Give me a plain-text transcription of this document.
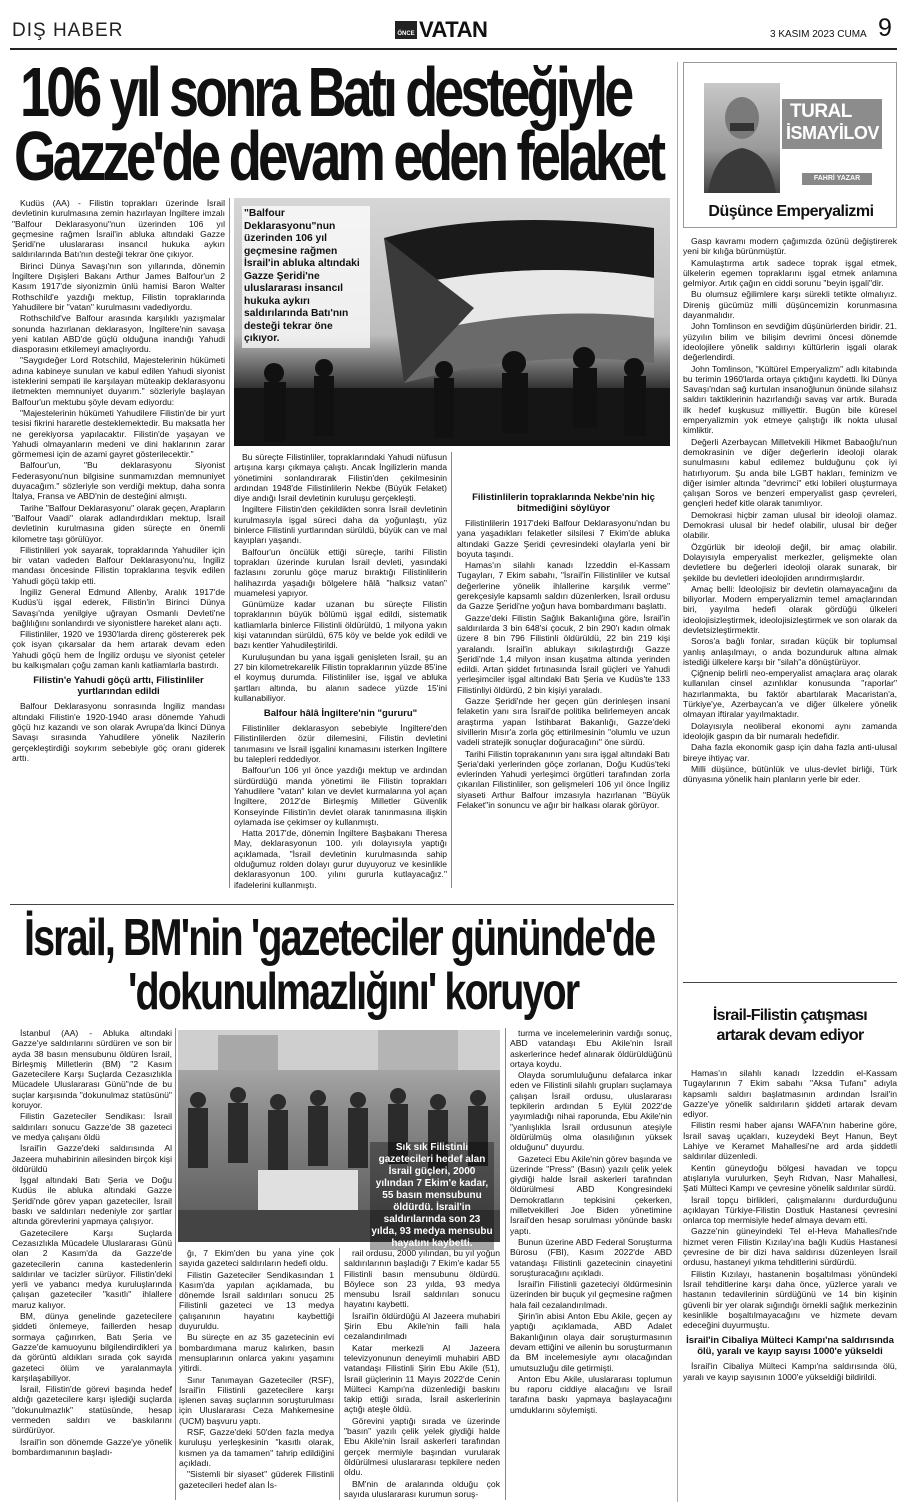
DIŞ HABER	ÖNCE VATAN	3 KASIM 2023 CUMA 9
106 yıl sonra Batı desteğiyle
Gazze'de devam eden felaket
"Balfour Deklarasyonu"nun üzerinden 106 yıl geçmesine rağmen İsrail'in abluka altındaki Gazze Şeridi'ne uluslararası insancıl hukuka aykırı saldırılarında Batı'nın desteği tekrar öne çıkıyor.

Kudüs (AA) - Filistin toprakları üzerinde İsrail devletinin kurulmasına zemin hazırlayan İngiltere imzalı "Balfour Deklarasyonu"nun üzerinden 106 yıl geçmesine rağmen İsrail'in abluka altındaki Gazze Şeridi'ne uluslararası insancıl hukuka aykırı saldırılarında Batı'nın desteği tekrar öne çıkıyor.

Birinci Dünya Savaşı'nın son yıllarında, dönemin İngiltere Dışişleri Bakanı Arthur James Balfour'un 2 Kasım 1917'de siyonizmin ünlü hamisi Baron Walter Rothschild'e yazdığı mektup, Filistin topraklarında Yahudilere bir "vatan" kurulmasını vadediyordu.

Rothschild've Balfour arasında karşılıklı yazışmalar sonunda hazırlanan deklarasyon, İngiltere'nin savaşa yeni katılan ABD'de güçlü olduğuna inandığı Yahudi diasporasını etkilemeyi amaçlıyordu.

"Saygıdeğer Lord Rotschild, Majestelerinin hükümeti adına kabineye sunulan ve kabul edilen Yahudi siyonist isteklerini sempati ile karşılayan müteakip deklarasyonu iletmekten memnuniyet duyarım." sözleriyle başlayan Balfour'un mektubu şöyle devam ediyordu:

"Majestelerinin hükümeti Yahudilere Filistin'de bir yurt tesisi fikrini hararetle desteklemektedir. Bu maksatla her ne gerekiyorsa yapılacaktır. Filistin'de yaşayan ve Yahudi olmayanların medeni ve dini haklarının zarar görmemesi için de azami gayret gösterilecektir."

Balfour'un, "Bu deklarasyonu Siyonist Federasyonu'nun bilgisine sunmamızdan memnuniyet duyacağım." sözleriyle son verdiği mektup, daha sonra İtalya, Fransa ve ABD'nin de desteğini almıştı.

Tarihe "Balfour Deklarasyonu" olarak geçen, Arapların "Balfour Vaadi" olarak adlandırdıkları mektup, İsrail devletinin kurulmasına giden süreçte en önemli kilometre taşı görülüyor.

Filistinlileri yok sayarak, topraklarında Yahudiler için bir vatan vadeden Balfour Deklarasyonu'nu, İngiliz mandası öncesinde Filistin topraklarına teşvik edilen Yahudi göçü takip etti.

İngiliz General Edmund Allenby, Aralık 1917'de Kudüs'ü işgal ederek, Filistin'in Birinci Dünya Savaşı'nda yenilgiye uğrayan Osmanlı Devleti'ne bağlılığını sonlandırdı ve siyonistlere hareket alanı açtı.

Filistinliler, 1920 ve 1930'larda direnç göstererek pek çok isyan çıkarsalar da hem artarak devam eden Yahudi göçü hem de İngiliz orduşu ve siyonist çeteler bu kalkışmaları çoğu zaman kanlı katliamlarla bastırdı.

Filistin'e Yahudi göçü arttı, Filistinliler yurtlarından edildi

Balfour Deklarasyonu sonrasında İngiliz mandası altındaki Filistin'e 1920-1940 arası dönemde Yahudi göçü hız kazandı ve son olarak Avrupa'da İkinci Dünya Savaşı sırasında Yahudilere yönelik Nazilerin gerçekleştirdiği soykırım sebebiyle göç oranı giderek arttı.

Bu süreçte Filistinliler, topraklarındaki Yahudi nüfusun artışına karşı çıkmaya çalıştı. Ancak İngilizlerin manda yönetimini sonlandırarak Filistin'den çekilmesinin ardından 1948'de Filistinlilerin Nekbe (Büyük Felaket) diye andığı İsrail devletinin kuruluşu gerçekleşti.

İngiltere Filistin'den çekildikten sonra İsrail devletinin kurulmasıyla işgal süreci daha da yoğunlaştı, yüz binlerce Filistinli yurtlarından sürüldü, büyük can ve mal kayıpları yaşandı.

Balfour'un öncülük ettiği süreçle, tarihi Filistin toprakları üzerinde kurulan İsrail devleti, yasındaki fazlasını zorunlu göçe maruz bıraktığı Filistinlilerin halihazırda yaşadığı bölgelere hâlâ "halksız vatan" muamelesi yapıyor.

Günümüze kadar uzanan bu süreçte Filistin topraklarının büyük bölümü işgal edildi, sistematik katliamlarla binlerce Filistinli öldürüldü, 1 milyona yakın kişi vatanından sürüldü, 675 köy ve belde yok edildi ve bazı kentler Yahudileştirildi.

Kuruluşundan bu yana işgali genişleten İsrail, şu an 27 bin kilometrekarelik Filistin topraklarının yüzde 85'ine el koymuş durumda. Filistinliler ise, işgal ve abluka şartları altında, bu alanın sadece yüzde 15'ini kullanabiliyor.

Balfour hâlâ İngiltere'nin "gururu"

Filistinliler deklarasyon sebebiyle İngiltere'den Filistinlilerden özür dilemesini, Filistin devletini tanımasını ve İsrail işgalini kınamasını isterken İngiltere bu talepleri reddediyor.

Balfour'un 106 yıl önce yazdığı mektup ve ardından sürdürdüğü manda yönetimi ile Filistin toprakları Yahudilere "vatan" kılan ve devlet kurmalarına yol açan İngiltere, 2012'de Birleşmiş Milletler Güvenlik Konseyinde Filistin'in devlet olarak tanınmasına ilişkin oylamada ise çekimser oy kullanmıştı.

Hatta 2017'de, dönemin İngiltere Başbakanı Theresa May, deklarasyonun 100. yılı dolayısıyla yaptığı açıklamada, "İsrail devletinin kurulmasında sahip olduğumuz rolden dolayı gurur duyuyoruz ve kesinlikle deklarasyonun 100. yılını gururla kutlayacağız." ifadelerini kullanmıştı.

Filistinlilerin topraklarında Nekbe'nin hiç bitmediğini söylüyor

Filistinlilerin 1917'deki Balfour Deklarasyonu'ndan bu yana yaşadıkları felaketler silsilesi 7 Ekim'de abluka altındaki Gazze Şeridi çevresindeki olaylarla yeni bir boyuta taşındı.

Hamas'ın silahlı kanadı İzzeddin el-Kassam Tugayları, 7 Ekim sabahı, "İsrail'in Filistinliler ve kutsal değerlerine yönelik ihlallerine karşılık verme" gerekçesiyle kapsamlı saldırı düzenlerken, İsrail ordusu da Gazze Şeridi'ne yoğun hava bombardımanı başlattı.

Gazze'deki Filistin Sağlık Bakanlığına göre, İsrail'in saldırılarda 3 bin 648'si çocuk, 2 bin 290'ı kadın olmak üzere 8 bin 796 Filistinli öldürüldü, 22 bin 219 kişi yaralandı. İsrail'in ablukayı sıkılaştırdığı Gazze Şeridi'nde 1,4 milyon insan kuşatma altında yerinden edildi. Artan şiddet fırtınasında İsrail güçleri ve Yahudi yerleşimciler işgal altındaki Batı Şeria ve Kudüs'te 133 Filistinliyi öldürdü, 2 bin kişiyi yaraladı.

Gazze Şeridi'nde her geçen gün derinleşen insani felaketin yanı sıra İsrail'de politika belirlemeyen ancak araştırma yapan İstihbarat Bakanlığı, Gazze'deki sivillerin Mısır'a zorla göç ettirilmesinin "olumlu ve uzun vadeli stratejik sonuçlar doğuracağını" öne sürdü.

Tarihi Filistin toprakanının yanı sıra işgal altındaki Batı Şeria'daki yerlerinden göçe zorlanan, Doğu Kudüs'teki evlerinden Yahudi yerleşimci örgütleri tarafından zorla çıkarılan Filistinliler, son gelişmeleri 106 yıl önce İngiliz siyaseti Arthur Balfour imzasıyla hazırlanan "Büyük Felaket"in sonuncu ve ağır bir halkası olarak görüyor.

TURAL
İSMAYİLOV
FAHRİ YAZAR
Düşünce Emperyalizmi

Gasp kavramı modern çağımızda özünü değiştirerek yeni bir kılığa bürünmüştür.

Kamulaştırma artık sadece toprak işgal etmek, ülkelerin egemen topraklarını işgal etmek anlamına gelmiyor. Artık çağın en ciddi sorunu "beyin işgali"dir.

Bu olumsuz eğilimlere karşı sürekli tetikte olmalıyız. Direniş gücümüz milli düşüncemizin korunmasına dayanmalıdır.

John Tomlinson en sevdiğim düşünürlerden biridir. 21. yüzyılın bilim ve bilişim devrimi öncesi dönemde ideolojilere yönelik saldırıyı kültürlerin işgali olarak değerlendirdi.

John Tomlinson, "Kültürel Emperyalizm" adlı kitabında bu terimin 1960'larda ortaya çıktığını kaydetti. İki Dünya Savaşı'ndan sağ kurtulan insanoğlunun önünde silahsız saldırı taktiklerinin hazırlandığı savaş var artık. Burada ilk hedef kuşkusuz milliyettir. Bugün bile küresel emperyalizmin yok etmeye çalıştığı ilk nokta ulusal kimliktir.

Değerli Azerbaycan Milletvekili Hikmet Babaoğlu'nun demokrasinin ve diğer değerlerin ideoloji olarak sunulmasını kabul edilemez bulduğunu çok iyi hatırlıyorum. Şu anda bile LGBT hakları, feminizm ve diğer isimler altında "devrimci" etki lobileri oluşturmaya çalışan Soros ve benzeri emperyalist gasp çevreleri, gençleri hedef kitle olarak tanımlıyor.

Demokrasi hiçbir zaman ulusal bir ideoloji olamaz. Demokrasi ulusal bir hedef olabilir, ulusal bir değer olabilir.

Özgürlük bir ideoloji değil, bir amaç olabilir. Dolayısıyla emperyalist merkezler, gelişmekte olan devletlere bu değerleri ideoloji olarak sunarak, bir şekilde bu devletleri ideolojiden arındırmışlardır.

Amaç belli: İdeolojisiz bir devletin olamayacağını da biliyorlar. Modern emperyalizmin temel amaçlarından biri, yayılma hedefi olarak gördüğü ülkeleri ideolojisizleştirmek, ideolojisizleştirmek ve son olarak da devletsizleştirmektir.

Soros'a bağlı fonlar, sıradan küçük bir toplumsal yanlış anlaşılmayı, o anda bozunduruk altına almak istediği ülkelere karşı bir "silah"a dönüştürüyor.

Çiğnenip belirli neo-emperyalist amaçlara araç olarak kullanılan cinsel azınlıklar konusunda "raporlar" hazırlanmakta, bu faktör abartılarak Macaristan'a, Türkiye'ye, Azerbaycan'a ve diğer ülkelere yönelik olmayan iftiralar yayılmaktadır.

Dolayısıyla neoliberal ekonomi aynı zamanda ideolojik gaspın da bir numaralı hedefidir.

Daha fazla ekonomik gasp için daha fazla anti-ulusal bireye ihtiyaç var.

Milli düşünce, bütünlük ve ulus-devlet birliği, Türk dünyasına yönelik hain planların yerle bir eder.

İsrail, BM'nin 'gazeteciler gününde'de
'dokunulmazlığını' koruyor
Sık sık Filistinli gazetecileri hedef alan İsrail güçleri, 2000 yılından 7 Ekim'e kadar, 55 basın mensubunu öldürdü. İsrail'in saldırılarında son 23 yılda, 93 medya mensubu hayatını kaybetti.

İstanbul (AA) - Abluka altındaki Gazze'ye saldırılarını sürdüren ve son bir ayda 38 basın mensubunu öldüren İsrail, Birleşmiş Milletlerin (BM) "2 Kasım Gazetecilere Karşı Suçlarda Cezasızlıkla Mücadele Uluslararası Günü"nde de bu suçlar karşısında "dokunulmaz statüsünü" koruyor.

Filistin Gazeteciler Sendikası: İsrail saldırıları sonucu Gazze'de 38 gazeteci ve medya çalışanı öldü

İsrail'in Gazze'deki saldırısında Al Jazeera muhabirinin ailesinden birçok kişi öldürüldü

İşgal altındaki Batı Şeria ve Doğu Kudüs ile abluka altındaki Gazze Şeridi'nde görev yapan gazeteciler, İsrail baskı ve saldırıları nedeniyle zor şartlar altında görevlerini yapmaya çalışıyor.

Gazetecilere Karşı Suçlarda Cezasızlıkla Mücadele Uluslararası Günü olan 2 Kasım'da da Gazze'de gazetecilerin canına kastedenlerin saldırılar ve tacizler sürüyor. Filistin'deki yerli ve yabancı medya kuruluşlarında çalışan gazeteciler "kasıtlı" ihlallere maruz kalıyor.

BM, dünya genelinde gazetecilere şiddeti önlemeye, faillerden hesap sormaya çağırırken, Batı Şeria ve Gazze'de kamuoyunu bilgilendirdikleri ya da görüntü aldıkları sırada çok sayıda gazeteci ölüm ve yaralanmayla karşılaşabiliyor.

İsrail, Filistin'de görevi başında hedef aldığı gazetecilere karşı işlediği suçlarda "dokunulmazlık" statüsünde, hesap vermeden saldırı ve baskılarını sürdürüyor.

İsrail'in son dönemde Gazze'ye yönelik bombardımanının başladı-

ğı, 7 Ekim'den bu yana yine çok sayıda gazeteci saldırıların hedefi oldu.

Filistin Gazeteciler Sendikasından 1 Kasım'da yapılan açıklamada, bu dönemde İsrail saldırıları sonucu 25 Filistinli gazeteci ve 13 medya çalışanının hayatını kaybettiği duyuruldu.

Bu süreçte en az 35 gazetecinin evi bombardımana maruz kalırken, basın mensuplarının onlarca yakını yaşamını yitirdi.

Sınır Tanımayan Gazeteciler (RSF), İsrail'in Filistinli gazetecilere karşı işlenen savaş suçlarının soruşturulması için Uluslararası Ceza Mahkemesine (UCM) başvuru yaptı.

RSF, Gazze'deki 50'den fazla medya kuruluşu yerleşkesinin "kasıtlı olarak, kısmen ya da tamamen" tahrip edildiğini açıkladı.

"Sistemli bir siyaset" güderek Filistinli gazetecileri hedef alan İs-

rail ordusu, 2000 yılından, bu yıl yoğun saldırılarının başladığı 7 Ekim'e kadar 55 Filistinli basın mensubunu öldürdü. Böylece son 23 yılda, 93 medya mensubu İsrail saldırıları sonucu hayatını kaybetti.

İsrail'in öldürdüğü Al Jazeera muhabiri Şirin Ebu Akile'nin faili hala cezalandırılmadı

Katar merkezli Al Jazeera televizyonunun deneyimli muhabiri ABD vatandaşı Filistinli Şirin Ebu Akile (51), İsrail güçlerinin 11 Mayıs 2022'de Cenin Mülteci Kampı'na düzenlediği baskını takip ettiği sırada, İsrail askerlerinin açtığı ateşle öldü.

Görevini yaptığı sırada ve üzerinde "basın" yazılı çelik yelek giydiği halde Ebu Akile'nin İsrail askerleri tarafından gerçek mermiyle başından vurularak öldürülmesi uluslararası tepkilere neden oldu.

BM'nin de aralarında olduğu çok sayıda uluslararası kurumun soruş-

turma ve incelemelerinin vardığı sonuç, ABD vatandaşı Ebu Akile'nin İsrail askerlerince hedef alınarak öldürüldüğünü ortaya koydu.

Olayda sorumluluğunu defalarca inkar eden ve Filistinli silahlı grupları suçlamaya çalışan İsrail ordusu, uluslararası tepkilerin ardından 5 Eylül 2022'de yayımladığı nihai raporunda, Ebu Akile'nin "yanlışlıkla İsrail ordusunun ateşiyle öldürülmüş olma olasılığının yüksek olduğunu" duyurdu.

Gazeteci Ebu Akile'nin görev başında ve üzerinde "Press" (Basın) yazılı çelik yelek giydiği halde İsrail askerleri tarafından öldürülmesi ABD Kongresindeki Demokratların tepkisini çekerken, milletvekilleri Joe Biden yönetimine İsrail'den hesap sorulması yönünde baskı yaptı.

Bunun üzerine ABD Federal Soruşturma Bürosu (FBI), Kasım 2022'de ABD vatandaşı Filistinli gazetecinin cinayetini soruşturacağını açıkladı.

İsrail'in Filistinli gazeteciyi öldürmesinin üzerinden bir buçuk yıl geçmesine rağmen hala fail cezalandırılmadı.

Şirin'in abisi Anton Ebu Akile, geçen ay yaptığı açıklamada, ABD Adalet Bakanlığının olaya dair soruşturmasının devam ettiğini ve ailenin bu soruşturmanın da BM incelemesiyle aynı olacağından umutsuzluğu dile getirmişti.

Anton Ebu Akile, uluslararası toplumun bu raporu ciddiye alacağını ve İsrail tarafına baskı yapmaya başlayacağını umduklarını söylemişti.

İsrail-Filistin çatışması
artarak devam ediyor

Hamas'ın silahlı kanadı İzzeddin el-Kassam Tugaylarının 7 Ekim sabahı "Aksa Tufanı" adıyla kapsamlı saldırı başlatmasının ardından İsrail'in Gazze'ye yönelik saldırıların şiddeti artarak devam ediyor.

Filistin resmi haber ajansı WAFA'nın haberine göre, İsrail savaş uçakları, kuzeydeki Beyt Hanun, Beyt Lahiye ve Keramet Mahallesi'ne ard arda şiddetli saldırılar düzenledi.

Kentin güneydoğu bölgesi havadan ve topçu atışlarıyla vurulurken, Şeyh Rıdvan, Nasr Mahallesi, Şati Mülteci Kampı ve çevresine yönelik saldırılar sürdü.

İsrail topçu birlikleri, çalışmalarını durdurduğunu açıklayan Türkiye-Filistin Dostluk Hastanesi çevresini onlarca top mermisiyle hedef almaya devam etti.

Gazze'nin güneyindeki Tel el-Heva Mahallesi'nde hizmet veren Filistin Kızılay'ına bağlı Kudüs Hastanesi çevresine de bir dizi hava saldırısı düzenleyen İsrail ordusu, hastaneyi yıkma tehditlerini sürdürdü.

Filistin Kızılayı, hastanenin boşaltılması yönündeki İsrail tehditlerine karşı daha önce, yüzlerce yaralı ve hastanın tedavilerinin sürdüğünü ve 14 bin kişinin güvenli bir yer olarak sığındığı örnekli sağlık merkezinin kesinlikle boşaltılmayacağını ve hizmete devam edeceğini duyurmuştu.

İsrail'in Cibaliya Mülteci Kampı'na saldırısında ölü, yaralı ve kayıp sayısı 1000'e yükseldi

İsrail'in Cibaliya Mülteci Kampı'na saldırısında ölü, yaralı ve kayıp sayısının 1000'e yükseldiği bildirildi.
